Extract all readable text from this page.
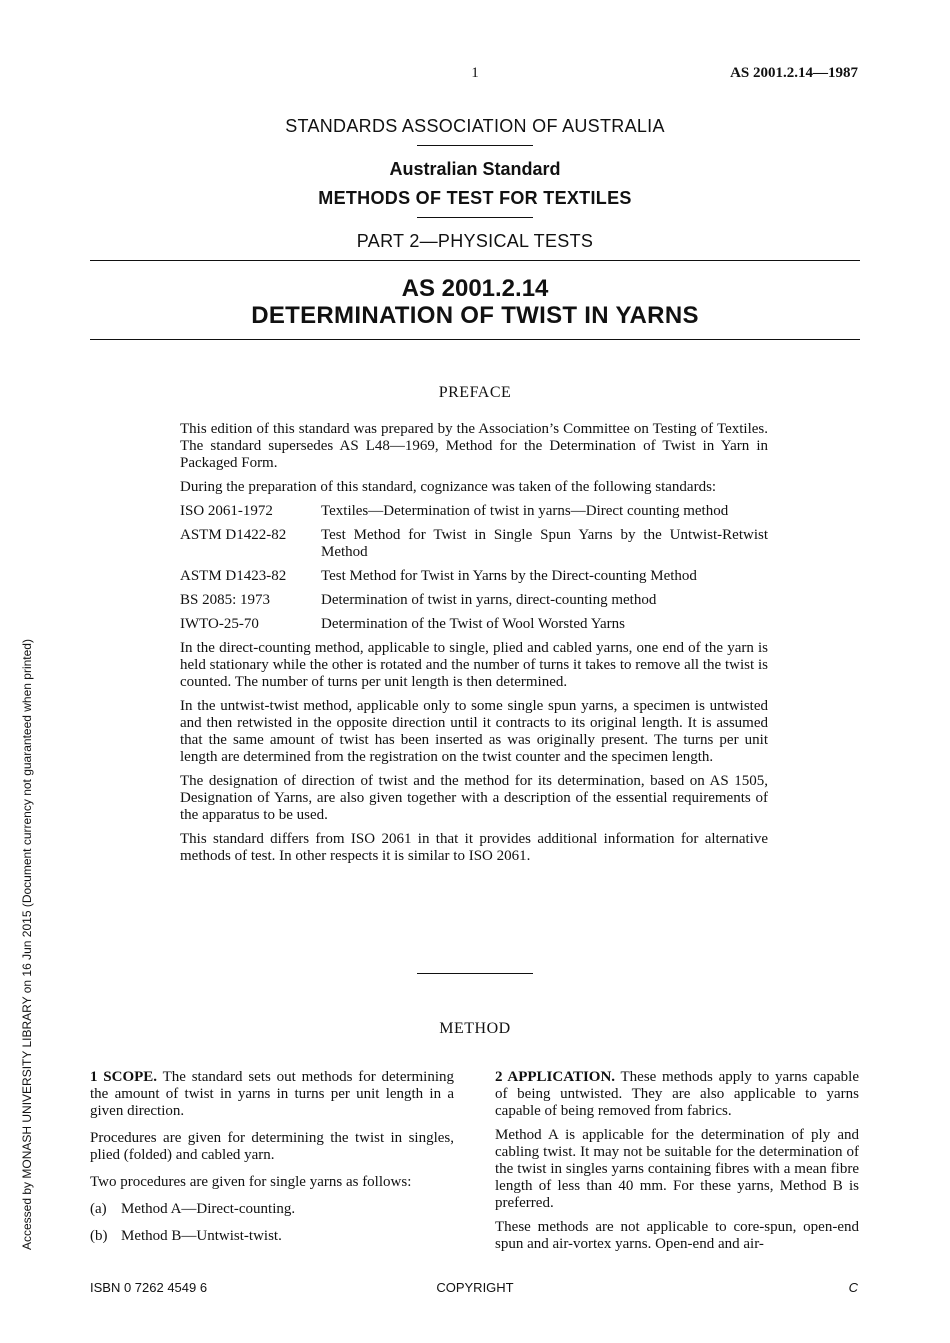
1	AS 2001.2.14—1987
STANDARDS ASSOCIATION OF AUSTRALIA
Australian Standard
METHODS OF TEST FOR TEXTILES
PART 2—PHYSICAL TESTS
AS 2001.2.14
DETERMINATION OF TWIST IN YARNS
PREFACE

This edition of this standard was prepared by the Association’s Committee on Testing of Textiles. The standard supersedes AS L48—1969, Method for the Determination of Twist in Yarn in Packaged Form.

During the preparation of this standard, cognizance was taken of the following standards:

ISO 2061-1972	Textiles—Determination of twist in yarns—Direct counting method
ASTM D1422-82	Test Method for Twist in Single Spun Yarns by the Untwist-Retwist Method
ASTM D1423-82	Test Method for Twist in Yarns by the Direct-counting Method
BS 2085: 1973	Determination of twist in yarns, direct-counting method
IWTO-25-70	Determination of the Twist of Wool Worsted Yarns

In the direct-counting method, applicable to single, plied and cabled yarns, one end of the yarn is held stationary while the other is rotated and the number of turns it takes to remove all the twist is counted. The number of turns per unit length is then determined.

In the untwist-twist method, applicable only to some single spun yarns, a specimen is untwisted and then retwisted in the opposite direction until it contracts to its original length. It is assumed that the same amount of twist has been inserted as was originally present. The turns per unit length are determined from the registration on the twist counter and the specimen length.

The designation of direction of twist and the method for its determination, based on AS 1505, Designation of Yarns, are also given together with a description of the essential requirements of the apparatus to be used.

This standard differs from ISO 2061 in that it provides additional information for alternative methods of test. In other respects it is similar to ISO 2061.

METHOD

1 SCOPE. The standard sets out methods for determining the amount of twist in yarns in turns per unit length in a given direction.

Procedures are given for determining the twist in singles, plied (folded) and cabled yarn.

Two procedures are given for single yarns as follows:

(a) Method A—Direct-counting.
(b) Method B—Untwist-twist.

2 APPLICATION. These methods apply to yarns capable of being untwisted. They are also applicable to yarns capable of being removed from fabrics.

Method A is applicable for the determination of ply and cabling twist. It may not be suitable for the determination of the twist in singles yarns containing fibres with a mean fibre length of less than 40 mm. For these yarns, Method B is preferred.

These methods are not applicable to core-spun, open-end spun and air-vortex yarns. Open-end and air-

Accessed by MONASH UNIVERSITY LIBRARY on 16 Jun 2015 (Document currency not guaranteed when printed)
ISBN 0 7262 4549 6	COPYRIGHT	C
